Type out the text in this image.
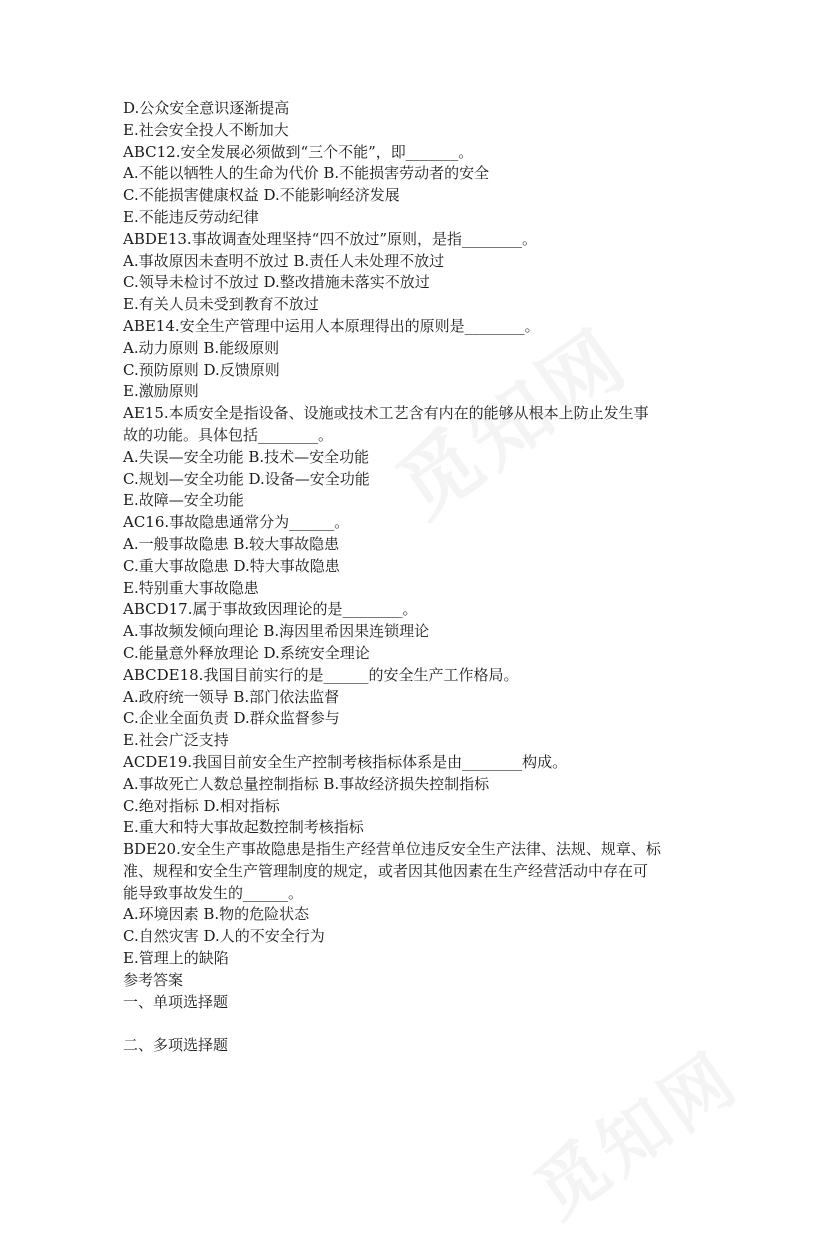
D.公众安全意识逐渐提高

E.社会安全投人不断加大

ABC12.安全发展必须做到“三个不能”，即_______。

A.不能以牺牲人的生命为代价 B.不能损害劳动者的安全

C.不能损害健康权益 D.不能影响经济发展

E.不能违反劳动纪律

ABDE13.事故调查处理坚持“四不放过”原则，是指________。

A.事故原因未查明不放过 B.责任人未处理不放过

C.领导未检讨不放过 D.整改措施未落实不放过

E.有关人员未受到教育不放过

ABE14.安全生产管理中运用人本原理得出的原则是________。

A.动力原则 B.能级原则

C.预防原则 D.反馈原则

E.激励原则

AE15.本质安全是指设备、设施或技术工艺含有内在的能够从根本上防止发生事

故的功能。具体包括________。

A.失误—安全功能 B.技术—安全功能

C.规划—安全功能 D.设备—安全功能

E.故障—安全功能

AC16.事故隐患通常分为______。

A.一般事故隐患 B.较大事故隐患

C.重大事故隐患 D.特大事故隐患

E.特别重大事故隐患

ABCD17.属于事故致因理论的是________。

A.事故频发倾向理论 B.海因里希因果连锁理论

C.能量意外释放理论 D.系统安全理论

ABCDE18.我国目前实行的是______的安全生产工作格局。

A.政府统一领导 B.部门依法监督

C.企业全面负责 D.群众监督参与

E.社会广泛支持

ACDE19.我国目前安全生产控制考核指标体系是由________构成。

A.事故死亡人数总量控制指标 B.事故经济损失控制指标

C.绝对指标 D.相对指标

E.重大和特大事故起数控制考核指标

BDE20.安全生产事故隐患是指生产经营单位违反安全生产法律、法规、规章、标

准、规程和安全生产管理制度的规定，或者因其他因素在生产经营活动中存在可

能导致事故发生的______。

A.环境因素 B.物的危险状态

C.自然灾害 D.人的不安全行为

E.管理上的缺陷

参考答案

一、单项选择题

二、多项选择题
